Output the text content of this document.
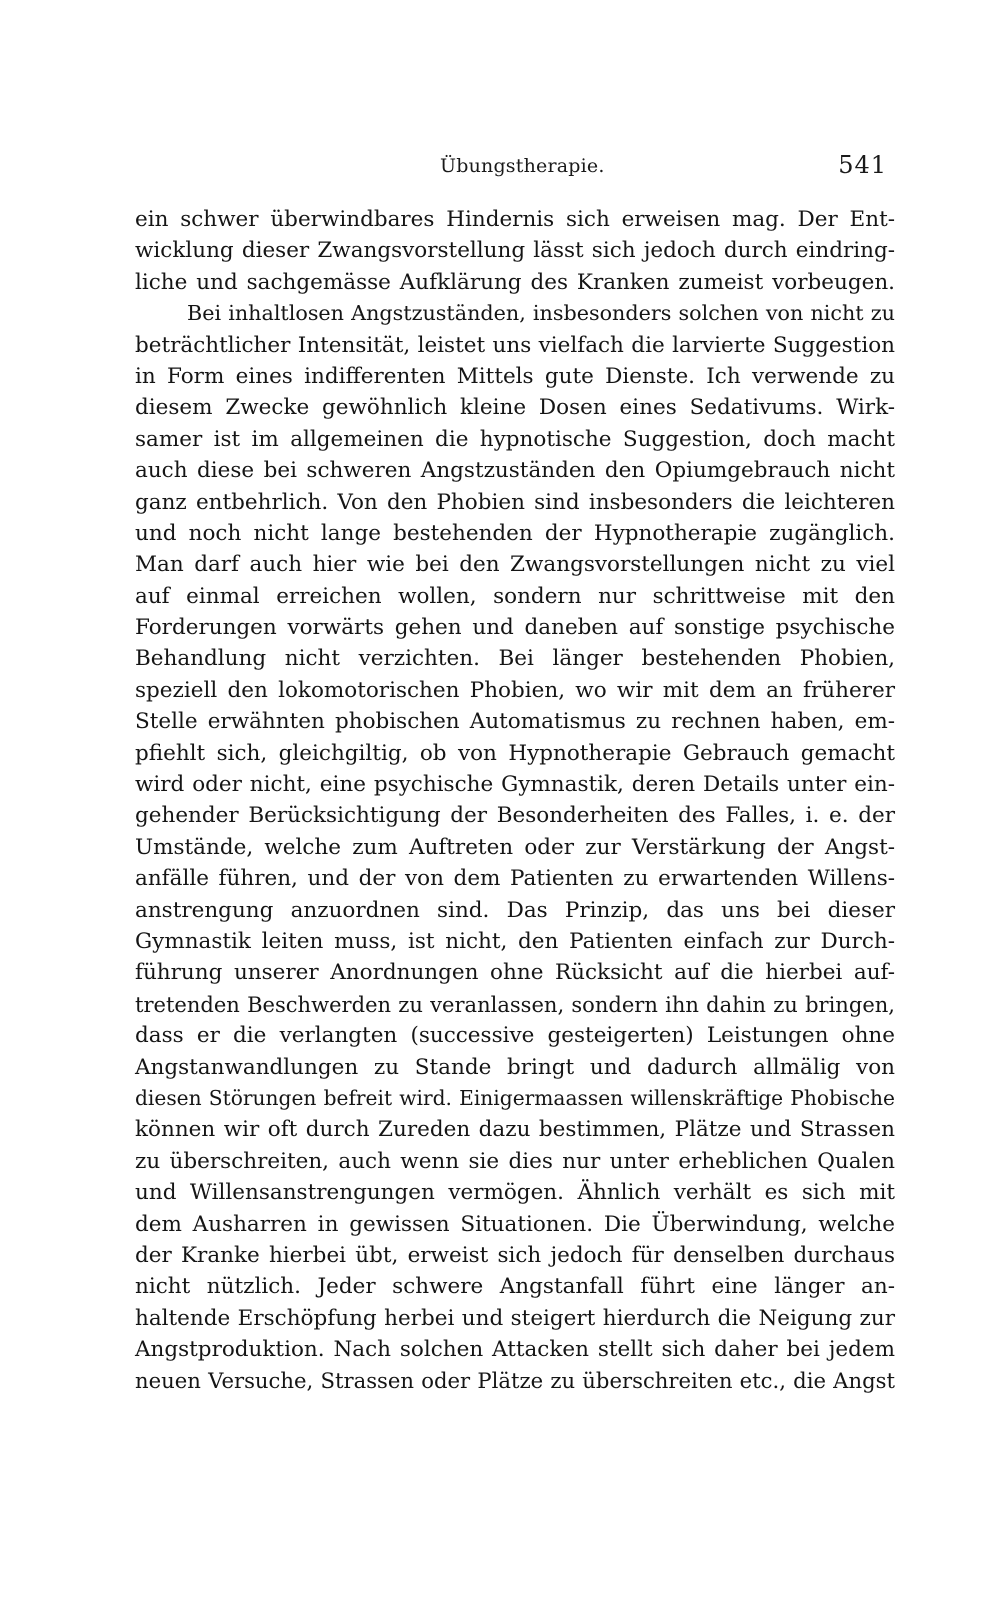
Übungstherapie.	541
ein schwer überwindbares Hindernis sich erweisen mag. Der Ent-
wicklung dieser Zwangsvorstellung lässt sich jedoch durch eindring-
liche und sachgemässe Aufklärung des Kranken zumeist vorbeugen.
Bei inhaltlosen Angstzuständen, insbesonders solchen von nicht zu
beträchtlicher Intensität, leistet uns vielfach die larvierte Suggestion
in Form eines indifferenten Mittels gute Dienste. Ich verwende zu
diesem Zwecke gewöhnlich kleine Dosen eines Sedativums. Wirk-
samer ist im allgemeinen die hypnotische Suggestion, doch macht
auch diese bei schweren Angstzuständen den Opiumgebrauch nicht
ganz entbehrlich. Von den Phobien sind insbesonders die leichteren
und noch nicht lange bestehenden der Hypnotherapie zugänglich.
Man darf auch hier wie bei den Zwangsvorstellungen nicht zu viel
auf einmal erreichen wollen, sondern nur schrittweise mit den
Forderungen vorwärts gehen und daneben auf sonstige psychische
Behandlung nicht verzichten. Bei länger bestehenden Phobien,
speziell den lokomotorischen Phobien, wo wir mit dem an früherer
Stelle erwähnten phobischen Automatismus zu rechnen haben, em-
pfiehlt sich, gleichgiltig, ob von Hypnotherapie Gebrauch gemacht
wird oder nicht, eine psychische Gymnastik, deren Details unter ein-
gehender Berücksichtigung der Besonderheiten des Falles, i. e. der
Umstände, welche zum Auftreten oder zur Verstärkung der Angst-
anfälle führen, und der von dem Patienten zu erwartenden Willens-
anstrengung anzuordnen sind. Das Prinzip, das uns bei dieser
Gymnastik leiten muss, ist nicht, den Patienten einfach zur Durch-
führung unserer Anordnungen ohne Rücksicht auf die hierbei auf-
tretenden Beschwerden zu veranlassen, sondern ihn dahin zu bringen,
dass er die verlangten (successive gesteigerten) Leistungen ohne
Angstanwandlungen zu Stande bringt und dadurch allmälig von
diesen Störungen befreit wird. Einigermaassen willenskräftige Phobische
können wir oft durch Zureden dazu bestimmen, Plätze und Strassen
zu überschreiten, auch wenn sie dies nur unter erheblichen Qualen
und Willensanstrengungen vermögen. Ähnlich verhält es sich mit
dem Ausharren in gewissen Situationen. Die Überwindung, welche
der Kranke hierbei übt, erweist sich jedoch für denselben durchaus
nicht nützlich. Jeder schwere Angstanfall führt eine länger an-
haltende Erschöpfung herbei und steigert hierdurch die Neigung zur
Angstproduktion. Nach solchen Attacken stellt sich daher bei jedem
neuen Versuche, Strassen oder Plätze zu überschreiten etc., die Angst
